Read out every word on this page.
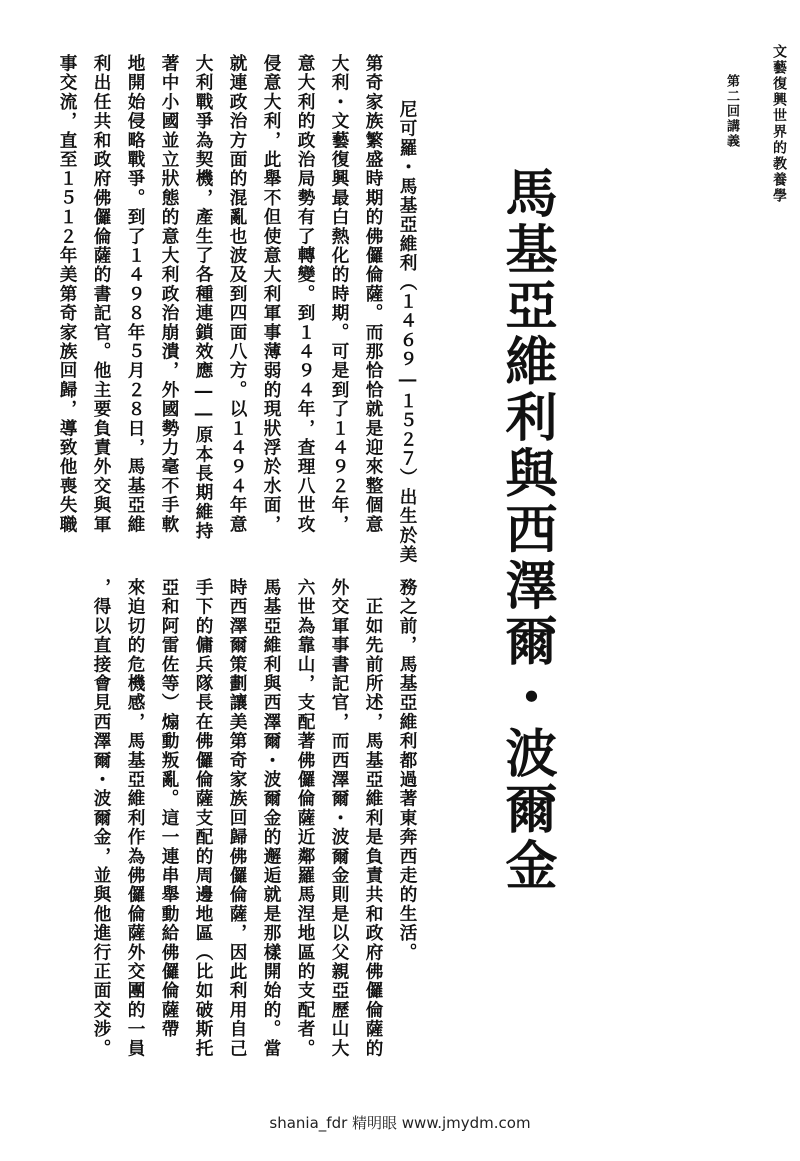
文藝復興世界的教養學
第二回講義
馬基亞維利與西澤爾・波爾金
尼可羅・馬基亞維利（１４６９―１５２７）出生於美
第奇家族繁盛時期的佛儸倫薩。而那恰恰就是迎來整個意
大利・文藝復興最白熱化的時期。可是到了１４９２年，
意大利的政治局勢有了轉變。到１４９４年，查理八世攻
侵意大利，此舉不但使意大利軍事薄弱的現狀浮於水面，
就連政治方面的混亂也波及到四面八方。以１４９４年意
大利戰爭為契機，產生了各種連鎖效應――原本長期維持
著中小國並立狀態的意大利政治崩潰，外國勢力毫不手軟
地開始侵略戰爭。到了１４９８年５月２８日，馬基亞維
利出任共和政府佛儸倫薩的書記官。他主要負責外交與軍
事交流，直至１５１２年美第奇家族回歸，導致他喪失職
務之前，馬基亞維利都過著東奔西走的生活。
　正如先前所述，馬基亞維利是負責共和政府佛儸倫薩的
外交軍事書記官，而西澤爾・波爾金則是以父親亞歷山大
六世為靠山，支配著佛儸倫薩近鄰羅馬涅地區的支配者。
馬基亞維利與西澤爾・波爾金的邂逅就是那樣開始的。當
時西澤爾策劃讓美第奇家族回歸佛儸倫薩，因此利用自己
手下的傭兵隊長在佛儸倫薩支配的周邊地區（比如破斯托
亞和阿雷佐等）煽動叛亂。這一連串舉動給佛儸倫薩帶
來迫切的危機感，馬基亞維利作為佛儸倫薩外交團的一員
，得以直接會見西澤爾・波爾金，並與他進行正面交涉。
shania_fdr 精明眼 www.jmydm.com
